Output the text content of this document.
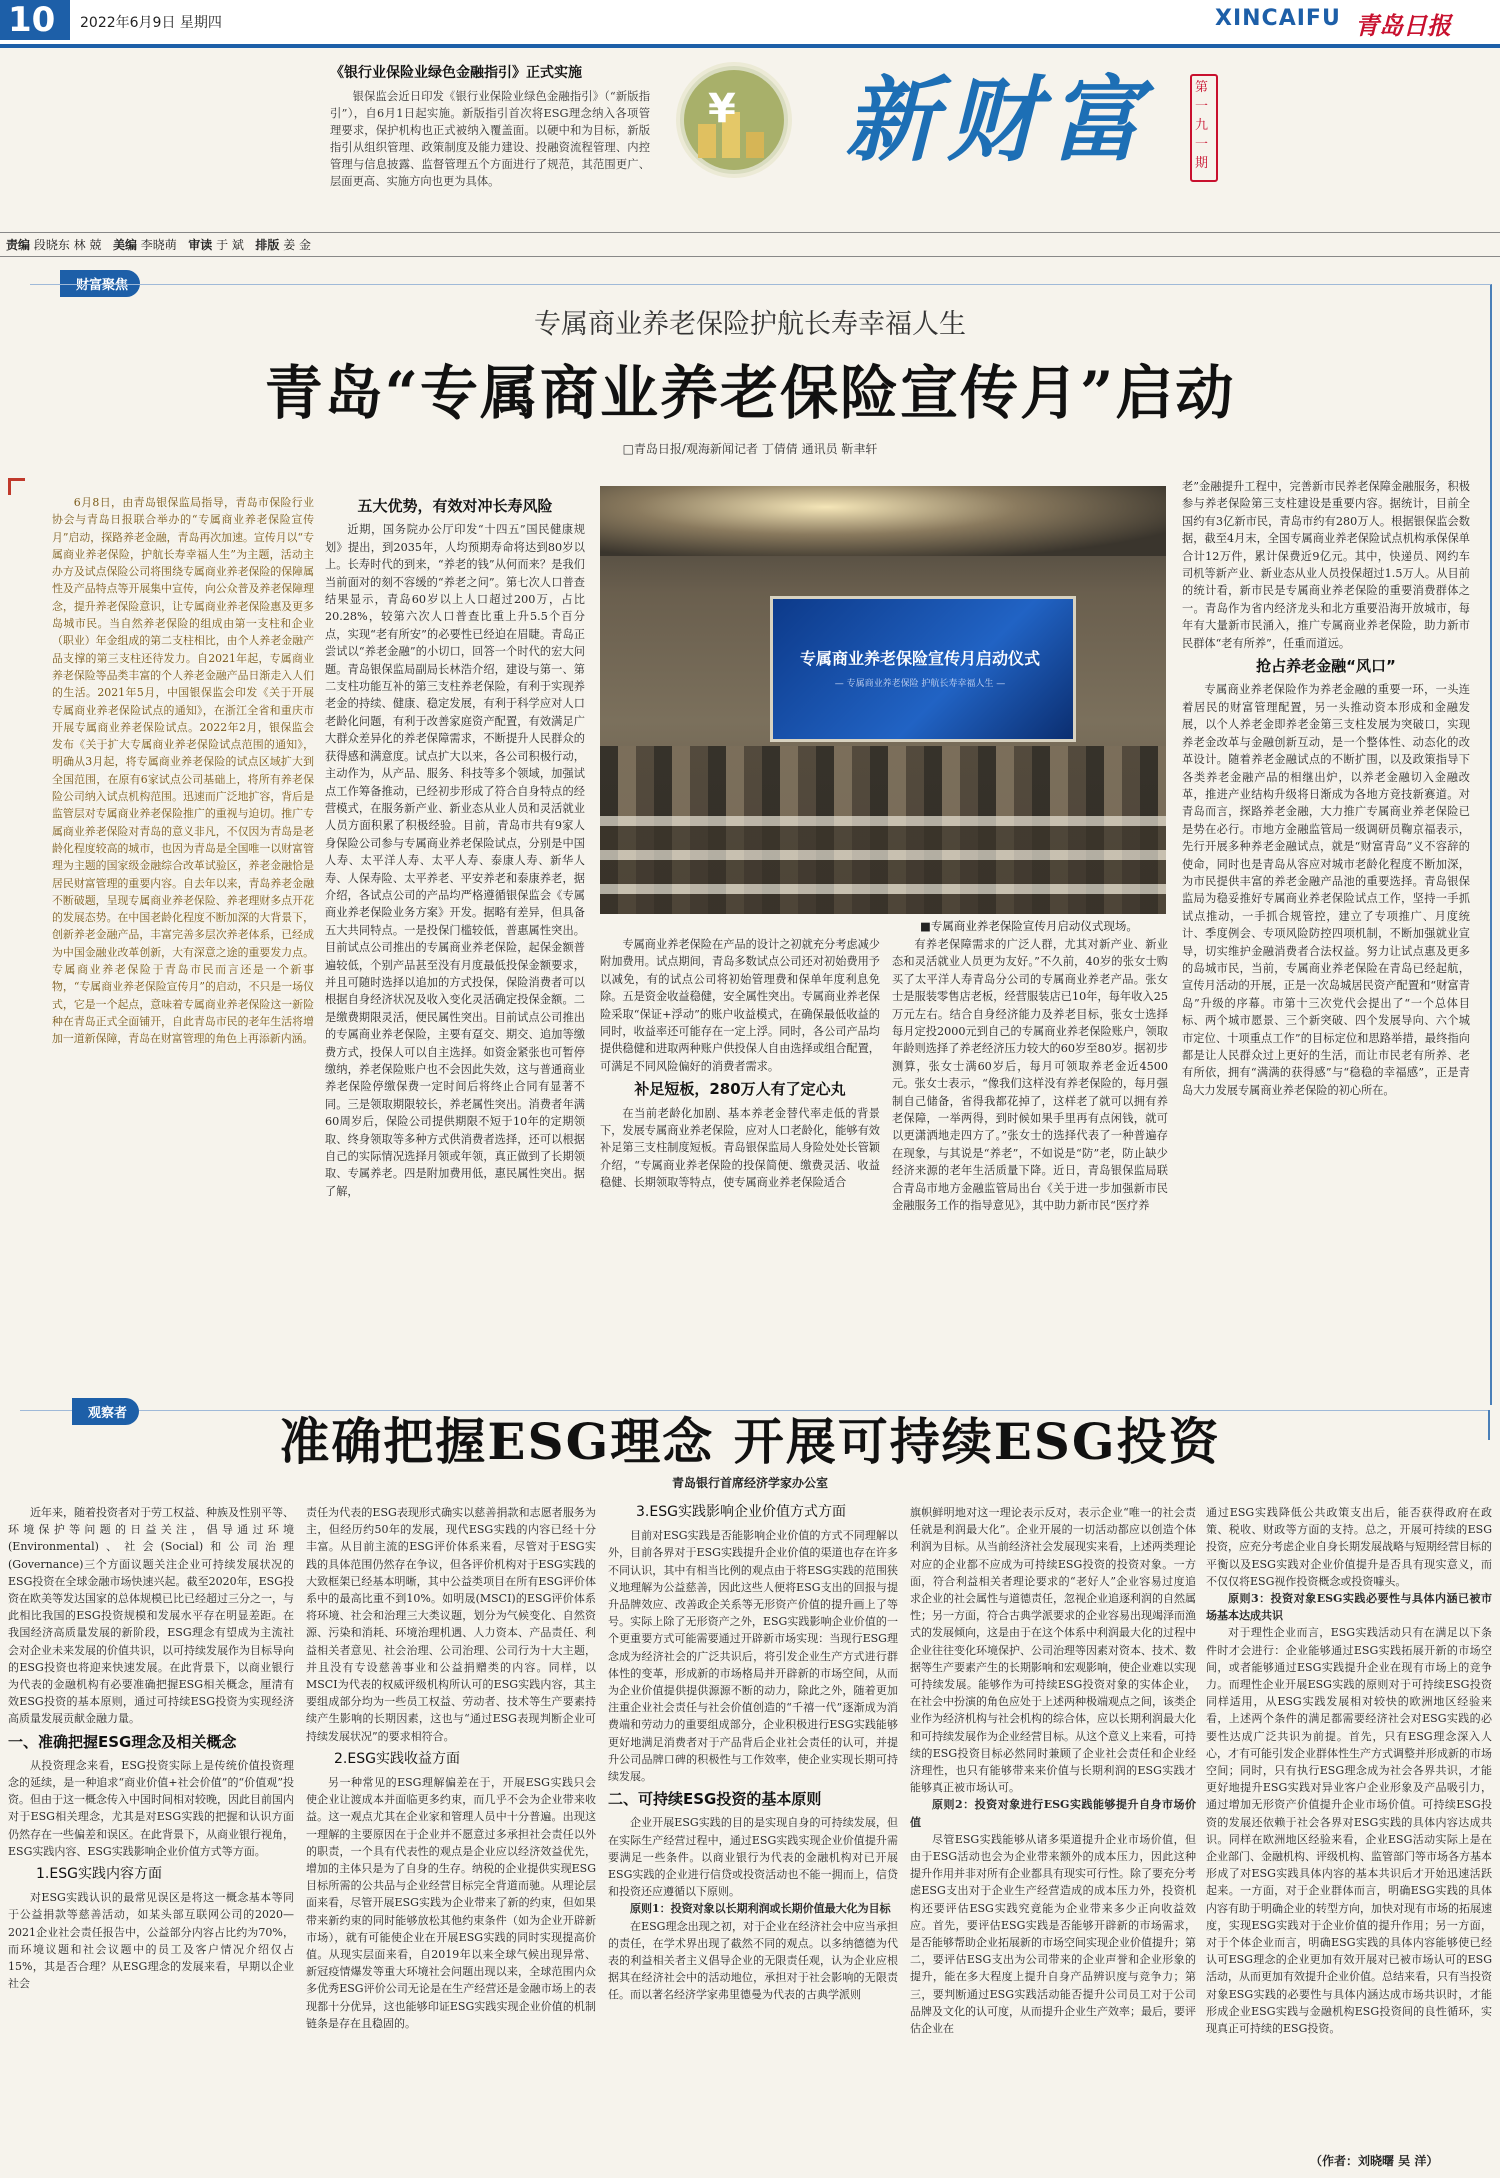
10 2022年6月9日 星期四	XINCAIFU 青岛日报
《银行业保险业绿色金融指引》正式实施
银保监会近日印发《银行业保险业绿色金融指引》（“新版指引”），自6月1日起实施。新版指引首次将ESG理念纳入各项管理要求，保护机构也正式被纳入覆盖面。以硬中和为目标，新版指引从组织管理、政策制度及能力建设、投融资流程管理、内控管理与信息披露、监督管理五个方面进行了规范，其范围更广、层面更高、实施方向也更为具体。
¥ 新财富	第一九一期
责编 段晓东 林 兢 美编 李晓萌 审读 于 斌 排版 姜 金
财富聚焦
专属商业养老保险护航长寿幸福人生
青岛“专属商业养老保险宣传月”启动
□青岛日报/观海新闻记者 丁倩倩 通讯员 靳聿轩

6月8日，由青岛银保监局指导，青岛市保险行业协会与青岛日报联合举办的“专属商业养老保险宣传月”启动，探路养老金融，青岛再次加速。宣传月以“专属商业养老保险，护航长寿幸福人生”为主题，活动主办方及试点保险公司将围绕专属商业养老保险的保障属性及产品特点等开展集中宣传，向公众普及养老保障理念，提升养老保险意识，让专属商业养老保险惠及更多岛城市民。当自然养老保险的组成由第一支柱和企业（职业）年金组成的第二支柱相比，由个人养老金融产品支撑的第三支柱还待发力。自2021年起，专属商业养老保险等品类丰富的个人养老金融产品日渐走入人们的生活。2021年5月，中国银保监会印发《关于开展专属商业养老保险试点的通知》，在浙江全省和重庆市开展专属商业养老保险试点。2022年2月，银保监会发布《关于扩大专属商业养老保险试点范围的通知》，明确从3月起，将专属商业养老保险的试点区域扩大到全国范围，在原有6家试点公司基础上，将所有养老保险公司纳入试点机构范围。迅速而广泛地扩容，背后是监管层对专属商业养老保险推广的重视与迫切。推广专属商业养老保险对青岛的意义非凡，不仅因为青岛是老龄化程度较高的城市，也因为青岛是全国唯一以财富管理为主题的国家级金融综合改革试验区，养老金融恰是居民财富管理的重要内容。自去年以来，青岛养老金融不断破题，呈现专属商业养老保险、养老理财多点开花的发展态势。在中国老龄化程度不断加深的大背景下，创新养老金融产品，丰富完善多层次养老体系，已经成为中国金融业改革创新，大有深意之途的重要发力点。专属商业养老保险于青岛市民而言还是一个新事物，“专属商业养老保险宣传月”的启动，不只是一场仪式，它是一个起点，意味着专属商业养老保险这一新险种在青岛正式全面铺开，自此青岛市民的老年生活将增加一道新保障，青岛在财富管理的角色上再添新内涵。

五大优势，有效对冲长寿风险

近期，国务院办公厅印发“十四五”国民健康规划》提出，到2035年，人均预期寿命将达到80岁以上。长寿时代的到来，“养老的钱”从何而来？是我们当前面对的刻不容缓的“养老之问”。第七次人口普查结果显示，青岛60岁以上人口超过200万，占比20.28%，较第六次人口普查比重上升5.5个百分点，实现“老有所安”的必要性已经迫在眉睫。青岛正尝试以“养老金融”的小切口，回答一个时代的宏大问题。青岛银保监局副局长林浩介绍，建设与第一、第二支柱功能互补的第三支柱养老保险，有利于实现养老金的持续、健康、稳定发展，有利于科学应对人口老龄化问题，有利于改善家庭资产配置，有效满足广大群众差异化的养老保障需求，不断提升人民群众的获得感和满意度。试点扩大以来，各公司积极行动，主动作为，从产品、服务、科技等多个领域，加强试点工作筹备推动，已经初步形成了符合自身特点的经营模式，在服务新产业、新业态从业人员和灵活就业人员方面积累了积极经验。目前，青岛市共有9家人身保险公司参与专属商业养老保险试点，分别是中国人寿、太平洋人寿、太平人寿、泰康人寿、新华人寿、人保寿险、太平养老、平安养老和泰康养老，据介绍，各试点公司的产品均严格遵循银保监会《专属商业养老保险业务方案》开发。据略有差异，但具备五大共同特点。一是投保门槛较低，普惠属性突出。目前试点公司推出的专属商业养老保险，起保金额普遍较低，个别产品甚至没有月度最低投保金额要求，并且可随时选择以追加的方式投保，保险消费者可以根据自身经济状况及收入变化灵活确定投保金额。二是缴费期限灵活，便民属性突出。目前试点公司推出的专属商业养老保险，主要有趸交、期交、追加等缴费方式，投保人可以自主选择。如资金紧张也可暂停缴纳，养老保险账户也不会因此失效，这与普通商业养老保险停缴保费一定时间后将终止合同有显著不同。三是领取期限较长，养老属性突出。消费者年满60周岁后，保险公司提供期限不短于10年的定期领取、终身领取等多种方式供消费者选择，还可以根据自己的实际情况选择月领或年领，真正做到了长期领取、专属养老。四是附加费用低，惠民属性突出。据了解，

专属商业养老保险宣传月启动仪式
— 专属商业养老保险 护航长寿幸福人生 —
■专属商业养老保险宣传月启动仪式现场。

专属商业养老保险在产品的设计之初就充分考虑减少附加费用。试点期间，青岛多数试点公司还对初始费用予以减免，有的试点公司将初始管理费和保单年度利息免除。五是资金收益稳健，安全属性突出。专属商业养老保险采取“保证+浮动”的账户收益模式，在确保最低收益的同时，收益率还可能存在一定上浮。同时，各公司产品均提供稳健和进取两种账户供投保人自由选择或组合配置，可满足不同风险偏好的消费者需求。

补足短板，280万人有了定心丸

在当前老龄化加剧、基本养老金替代率走低的背景下，发展专属商业养老保险，应对人口老龄化，能够有效补足第三支柱制度短板。青岛银保监局人身险处处长管颖介绍，“专属商业养老保险的投保简便、缴费灵活、收益稳健、长期领取等特点，使专属商业养老保险适合

有养老保障需求的广泛人群，尤其对新产业、新业态和灵活就业人员更为友好。”不久前，40岁的张女士购买了太平洋人寿青岛分公司的专属商业养老产品。张女士是服装零售店老板，经营服装店已10年，每年收入25万元左右。结合自身经济能力及养老目标，张女士选择每月定投2000元到自己的专属商业养老保险账户，领取年龄则选择了养老经济压力较大的60岁至80岁。据初步测算，张女士满60岁后，每月可领取养老金近4500元。张女士表示，“像我们这样没有养老保险的，每月强制自己储备，省得我都花掉了，这样老了就可以拥有养老保障，一举两得，到时候如果手里再有点闲钱，就可以更潇洒地走四方了。”张女士的选择代表了一种普遍存在现象，与其说是“养老”，不如说是“防”老，防止缺少经济来源的老年生活质量下降。近日，青岛银保监局联合青岛市地方金融监管局出台《关于进一步加强新市民金融服务工作的指导意见》，其中助力新市民“医疗养

老”金融提升工程中，完善新市民养老保障金融服务，积极参与养老保险第三支柱建设是重要内容。据统计，目前全国约有3亿新市民，青岛市约有280万人。根据银保监会数据，截至4月末，全国专属商业养老保险试点机构承保保单合计12万件，累计保费近9亿元。其中，快递员、网约车司机等新产业、新业态从业人员投保超过1.5万人。从目前的统计看，新市民是专属商业养老保险的重要消费群体之一。青岛作为省内经济龙头和北方重要沿海开放城市，每年有大量新市民涌入，推广专属商业养老保险，助力新市民群体“老有所养”，任重而道远。

抢占养老金融“风口”

专属商业养老保险作为养老金融的重要一环，一头连着居民的财富管理配置，另一头推动资本形成和金融发展，以个人养老金即养老金第三支柱发展为突破口，实现养老金改革与金融创新互动，是一个整体性、动态化的改革设计。随着养老金融试点的不断扩围，以及政策指导下各类养老金融产品的相继出炉，以养老金融切入金融改革，推进产业结构升级将日渐成为各地方竞技新赛道。对青岛而言，探路养老金融，大力推广专属商业养老保险已是势在必行。市地方金融监管局一级调研员鞠京福表示，先行开展多种养老金融试点，就是“财富青岛”义不容辞的使命，同时也是青岛从容应对城市老龄化程度不断加深，为市民提供丰富的养老金融产品池的重要选择。青岛银保监局为稳妥推好专属商业养老保险试点工作，坚持一手抓试点推动，一手抓合规管控，建立了专项推广、月度统计、季度例会、专项风险防控四项机制，不断加强就业宣导，切实维护金融消费者合法权益。努力让试点惠及更多的岛城市民，当前，专属商业养老保险在青岛已经起航，宣传月活动的开展，正是一次岛城居民资产配置和“财富青岛”升级的序幕。市第十三次党代会提出了“一个总体目标、两个城市愿景、三个新突破、四个发展导向、六个城市定位、十项重点工作”的目标定位和思路举措，最终指向都是让人民群众过上更好的生活，而让市民老有所养、老有所依，拥有“满满的获得感”与“稳稳的幸福感”，正是青岛大力发展专属商业养老保险的初心所在。

观察者	准确把握ESG理念 开展可持续ESG投资
青岛银行首席经济学家办公室

近年来，随着投资者对于劳工权益、种族及性别平等、环境保护等问题的日益关注，倡导通过环境(Environmental)、社会(Social)和公司治理(Governance)三个方面议题关注企业可持续发展状况的ESG投资在全球金融市场快速兴起。截至2020年，ESG投资在欧美等发达国家的总体规模已比已经超过三分之一，与此相比我国的ESG投资规模和发展水平存在明显差距。在我国经济高质量发展的新阶段，ESG理念有望成为主流社会对企业未来发展的价值共识，以可持续发展作为目标导向的ESG投资也将迎来快速发展。在此背景下，以商业银行为代表的金融机构有必要准确把握ESG相关概念，厘清有效ESG投资的基本原则，通过可持续ESG投资为实现经济高质量发展贡献金融力量。

一、准确把握ESG理念及相关概念

从投资理念来看，ESG投资实际上是传统价值投资理念的延续，是一种追求“商业价值+社会价值”的“价值观”投资。但由于这一概念传入中国时间相对较晚，因此目前国内对于ESG相关理念，尤其是对ESG实践的把握和认识方面仍然存在一些偏差和误区。在此背景下，从商业银行视角，ESG实践内容、ESG实践影响企业价值方式等方面。

1.ESG实践内容方面

对ESG实践认识的最常见误区是将这一概念基本等同于公益捐款等慈善活动，如某头部互联网公司的2020—2021企业社会责任报告中，公益部分内容占比约为70%，而环境议题和社会议题中的员工及客户情况介绍仅占15%，其是否合理？从ESG理念的发展来看，早期以企业社会

责任为代表的ESG表现形式确实以慈善捐款和志愿者服务为主，但经历约50年的发展，现代ESG实践的内容已经十分丰富。从目前主流的ESG评价体系来看，尽管对于ESG实践的具体范围仍然存在争议，但各评价机构对于ESG实践的大致框架已经基本明晰，其中公益类项目在所有ESG评价体系中的最高比重不到10%。如明晟(MSCI)的ESG评价体系将环境、社会和治理三大类议题，划分为气候变化、自然资源、污染和消耗、环境治理机遇、人力资本、产品责任、利益相关者意见、社会治理、公司治理、公司行为十大主题，并且没有专设慈善事业和公益捐赠类的内容。同样，以MSCI为代表的权威评级机构所认可的ESG实践内容，其主要组成部分均为一些员工权益、劳动者、技术等生产要素持续产生影响的长期因素，这也与“通过ESG表现判断企业可持续发展状况”的要求相符合。

2.ESG实践收益方面

另一种常见的ESG理解偏差在于，开展ESG实践只会使企业让渡成本并面临更多约束，而几乎不会为企业带来收益。这一观点尤其在企业家和管理人员中十分普遍。出现这一理解的主要原因在于企业并不愿意过多承担社会责任以外的职责，一个具有代表性的观点是企业应以经济效益优先，增加的主体只是为了自身的生存。纳税的企业提供实现ESG目标所需的公共品与企业经营目标完全背道而驰。从理论层面来看，尽管开展ESG实践为企业带来了新的约束，但如果带来新约束的同时能够放松其他约束条件（如为企业开辟新市场），就有可能使企业在开展ESG实践的同时实现提高价值。从现实层面来看，自2019年以来全球气候出现异常、新冠疫情爆发等重大环境社会问题出现以来，全球范围内众多优秀ESG评价公司无论是在生产经营还是金融市场上的表现都十分优异，这也能够印证ESG实践实现企业价值的机制链条是存在且稳固的。

3.ESG实践影响企业价值方式方面

目前对ESG实践是否能影响企业价值的方式不同理解以外，目前各界对于ESG实践提升企业价值的渠道也存在许多不同认识，其中有相当比例的观点由于将ESG实践的范围狭义地理解为公益慈善，因此这些人便将ESG支出的回报与提升品牌效应、改善政企关系等无形资产价值的提升画上了等号。实际上除了无形资产之外，ESG实践影响企业价值的一个更重要方式可能需要通过开辟新市场实现：当现行ESG理念成为经济社会的广泛共识后，将引发企业生产方式进行群体性的变革，形成新的市场格局并开辟新的市场空间，从而为企业价值提供提供源源不断的动力，除此之外，随着更加注重企业社会责任与社会价值创造的“千禧一代”逐渐成为消费端和劳动力的重要组成部分，企业积极进行ESG实践能够更好地满足消费者对于产品背后企业社会责任的认可，并提升公司品牌口碑的积极性与工作效率，使企业实现长期可持续发展。

二、可持续ESG投资的基本原则

企业开展ESG实践的目的是实现自身的可持续发展，但在实际生产经营过程中，通过ESG实践实现企业价值提升需要满足一些条件。以商业银行为代表的金融机构对已开展ESG实践的企业进行信贷或投资活动也不能一拥而上，信贷和投资还应遵循以下原则。

原则1：投资对象以长期利润或长期价值最大化为目标

在ESG理念出现之初，对于企业在经济社会中应当承担的责任，在学术界出现了截然不同的观点。以多纳德德为代表的利益相关者主义倡导企业的无限责任观，认为企业应根据其在经济社会中的活动地位，承担对于社会影响的无限责任。而以著名经济学家弗里德曼为代表的古典学派则

旗帜鲜明地对这一理论表示反对，表示企业“唯一的社会责任就是利润最大化”。企业开展的一切活动都应以创造个体利润为目标。从当前经济社会发展现实来看，上述两类理论对应的企业都不应成为可持续ESG投资的投资对象。一方面，符合利益相关者理论要求的“老好人”企业容易过度追求企业的社会属性与道德责任，忽视企业追逐利润的自然属性；另一方面，符合古典学派要求的企业容易出现竭泽而渔式的发展倾向，这是由于在这个体系中利润最大化的过程中企业往往变化环境保护、公司治理等因素对资本、技术、数据等生产要素产生的长期影响和宏观影响，使企业难以实现可持续发展。能够作为可持续ESG投资对象的实体企业，在社会中扮演的角色应处于上述两种极端观点之间，该类企业作为经济机构与社会机构的综合体，应以长期利润最大化和可持续发展作为企业经营目标。从这个意义上来看，可持续的ESG投资目标必然同时兼顾了企业社会责任和企业经济理性，也只有能够带来来价值与长期利润的ESG实践才能够真正被市场认可。

原则2：投资对象进行ESG实践能够提升自身市场价值

尽管ESG实践能够从诸多渠道提升企业市场价值，但由于ESG活动也会为企业带来额外的成本压力，因此这种提升作用并非对所有企业都具有现实可行性。除了要充分考虑ESG支出对于企业生产经营造成的成本压力外，投资机构还要评估ESG实践究竟能为企业带来多少正向收益效应。首先，要评估ESG实践是否能够开辟新的市场需求，是否能够帮助企业拓展新的市场空间实现企业价值提升；第二，要评估ESG支出为公司带来的企业声誉和企业形象的提升，能在多大程度上提升自身产品辨识度与竞争力；第三，要判断通过ESG实践活动能否提升公司员工对于公司品牌及文化的认可度，从而提升企业生产效率；最后，要评估企业在

通过ESG实践降低公共政策支出后，能否获得政府在政策、税收、财政等方面的支持。总之，开展可持续的ESG投资，应充分考虑企业自身长期发展战略与短期经营目标的平衡以及ESG实践对企业价值提升是否具有现实意义，而不仅仅将ESG视作投资概念或投资噱头。

原则3：投资对象ESG实践必要性与具体内涵已被市场基本达成共识

对于理性企业而言，ESG实践活动只有在满足以下条件时才会进行：企业能够通过ESG实践拓展开新的市场空间，或者能够通过ESG实践提升企业在现有市场上的竞争力。而理性企业开展ESG实践的原则对于可持续ESG投资同样适用，从ESG实践发展相对较快的欧洲地区经验来看，上述两个条件的满足都需要经济社会对ESG实践的必要性达成广泛共识为前提。首先，只有ESG理念深入人心，才有可能引发企业群体性生产方式调整并形成新的市场空间；同时，只有执行ESG理念成为社会各界共识，才能更好地提升ESG实践对异业客户企业形象及产品吸引力，通过增加无形资产价值提升企业市场价值。可持续ESG投资的发展还依赖于社会各界对ESG实践的具体内容达成共识。同样在欧洲地区经验来看，企业ESG活动实际上是在企业部门、金融机构、评级机构、监管部门等市场各方基本形成了对ESG实践具体内容的基本共识后才开始迅速活跃起来。一方面，对于企业群体而言，明确ESG实践的具体内容有助于明确企业的转型方向，加快对现有市场的拓展速度，实现ESG实践对于企业价值的提升作用；另一方面，对于个体企业而言，明确ESG实践的具体内容能够使已经认可ESG理念的企业更加有效开展对已被市场认可的ESG活动，从而更加有效提升企业价值。总结来看，只有当投资对象ESG实践的必要性与具体内涵达成市场共识时，才能形成企业ESG实践与金融机构ESG投资间的良性循环，实现真正可持续的ESG投资。

（作者：刘晓曙 吴 洋）
